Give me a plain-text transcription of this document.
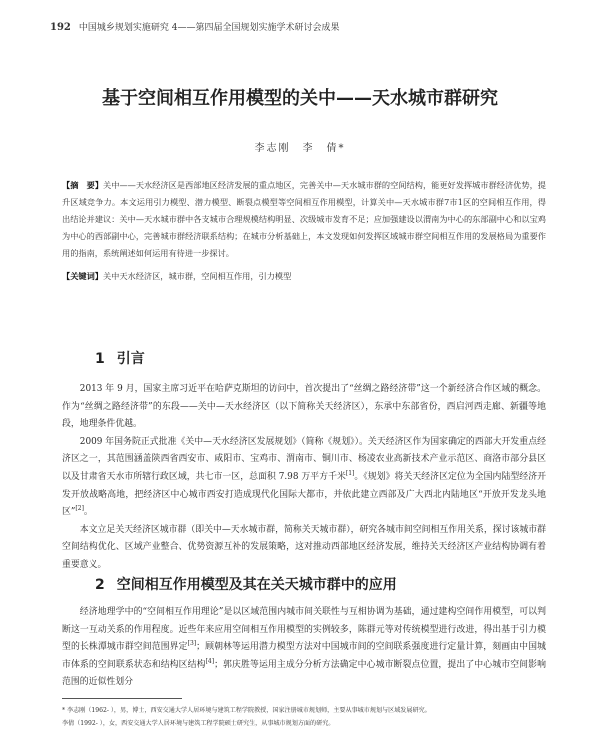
192 中国城乡规划实施研究 4——第四届全国规划实施学术研讨会成果
基于空间相互作用模型的关中——天水城市群研究
李志刚　李　倩*
【摘　要】关中——天水经济区是西部地区经济发展的重点地区，完善关中—天水城市群的空间结构，能更好发挥城市群经济优势，提升区域竞争力。本文运用引力模型、潜力模型、断裂点模型等空间相互作用模型，计算关中—天水城市群7市1区的空间相互作用，得出结论并建议：关中—天水城市群中各支城市合理规模结构明显、次级城市发育不足；应加强建设以渭南为中心的东部副中心和以宝鸡为中心的西部副中心，完善城市群经济联系结构；在城市分析基础上，本文发现如何发挥区域城市群空间相互作用的发展格局为重要作用的指南，系统阐述如何运用有待进一步探讨。
【关键词】关中天水经济区，城市群，空间相互作用，引力模型
1 引言

2013 年 9 月，国家主席习近平在哈萨克斯坦的访问中，首次提出了“丝绸之路经济带”这一个新经济合作区域的概念。作为“丝绸之路经济带”的东段——关中—天水经济区（以下简称关天经济区），东承中东部省份，西启河西走廊、新疆等地段，地理条件优越。

2009 年国务院正式批准《关中—天水经济区发展规划》（简称《规划》）。关天经济区作为国家确定的西部大开发重点经济区之一，其范围涵盖陕西省西安市、咸阳市、宝鸡市、渭南市、铜川市、杨凌农业高新技术产业示范区、商洛市部分县区以及甘肃省天水市所辖行政区域，共七市一区，总面积 7.98 万平方千米[1]。《规划》将关天经济区定位为全国内陆型经济开发开放战略高地，把经济区中心城市西安打造成现代化国际大都市，并依此建立西部及广大西北内陆地区“开放开发龙头地区”[2]。

本文立足关天经济区城市群（即关中—天水城市群，简称关天城市群），研究各城市间空间相互作用关系，探讨该城市群空间结构优化、区域产业整合、优势资源互补的发展策略，这对推动西部地区经济发展，维持关天经济区产业结构协调有着重要意义。

2 空间相互作用模型及其在关天城市群中的应用

经济地理学中的“空间相互作用理论”是以区域范围内城市间关联性与互相协调为基础，通过建构空间作用模型，可以判断这一互动关系的作用程度。近些年来应用空间相互作用模型的实例较多，陈群元等对传统模型进行改进，得出基于引力模型的长株潭城市群空间范围界定[3]；顾朝林等运用潜力模型方法对中国城市间的空间联系强度进行定量计算，刻画由中国城市体系的空间联系状态和结构区结构[4]；郭庆胜等运用主成分分析方法确定中心城市断裂点位置，提出了中心城市空间影响范围的近似性划分

* 李志刚（1962- ），男，博士，西安交通大学人居环境与建筑工程学院教授，国家注册城市规划师，主要从事城市规划与区域发展研究。
李倩（1992- ），女，西安交通大学人居环境与建筑工程学院硕士研究生，从事城市规划方面的研究。
